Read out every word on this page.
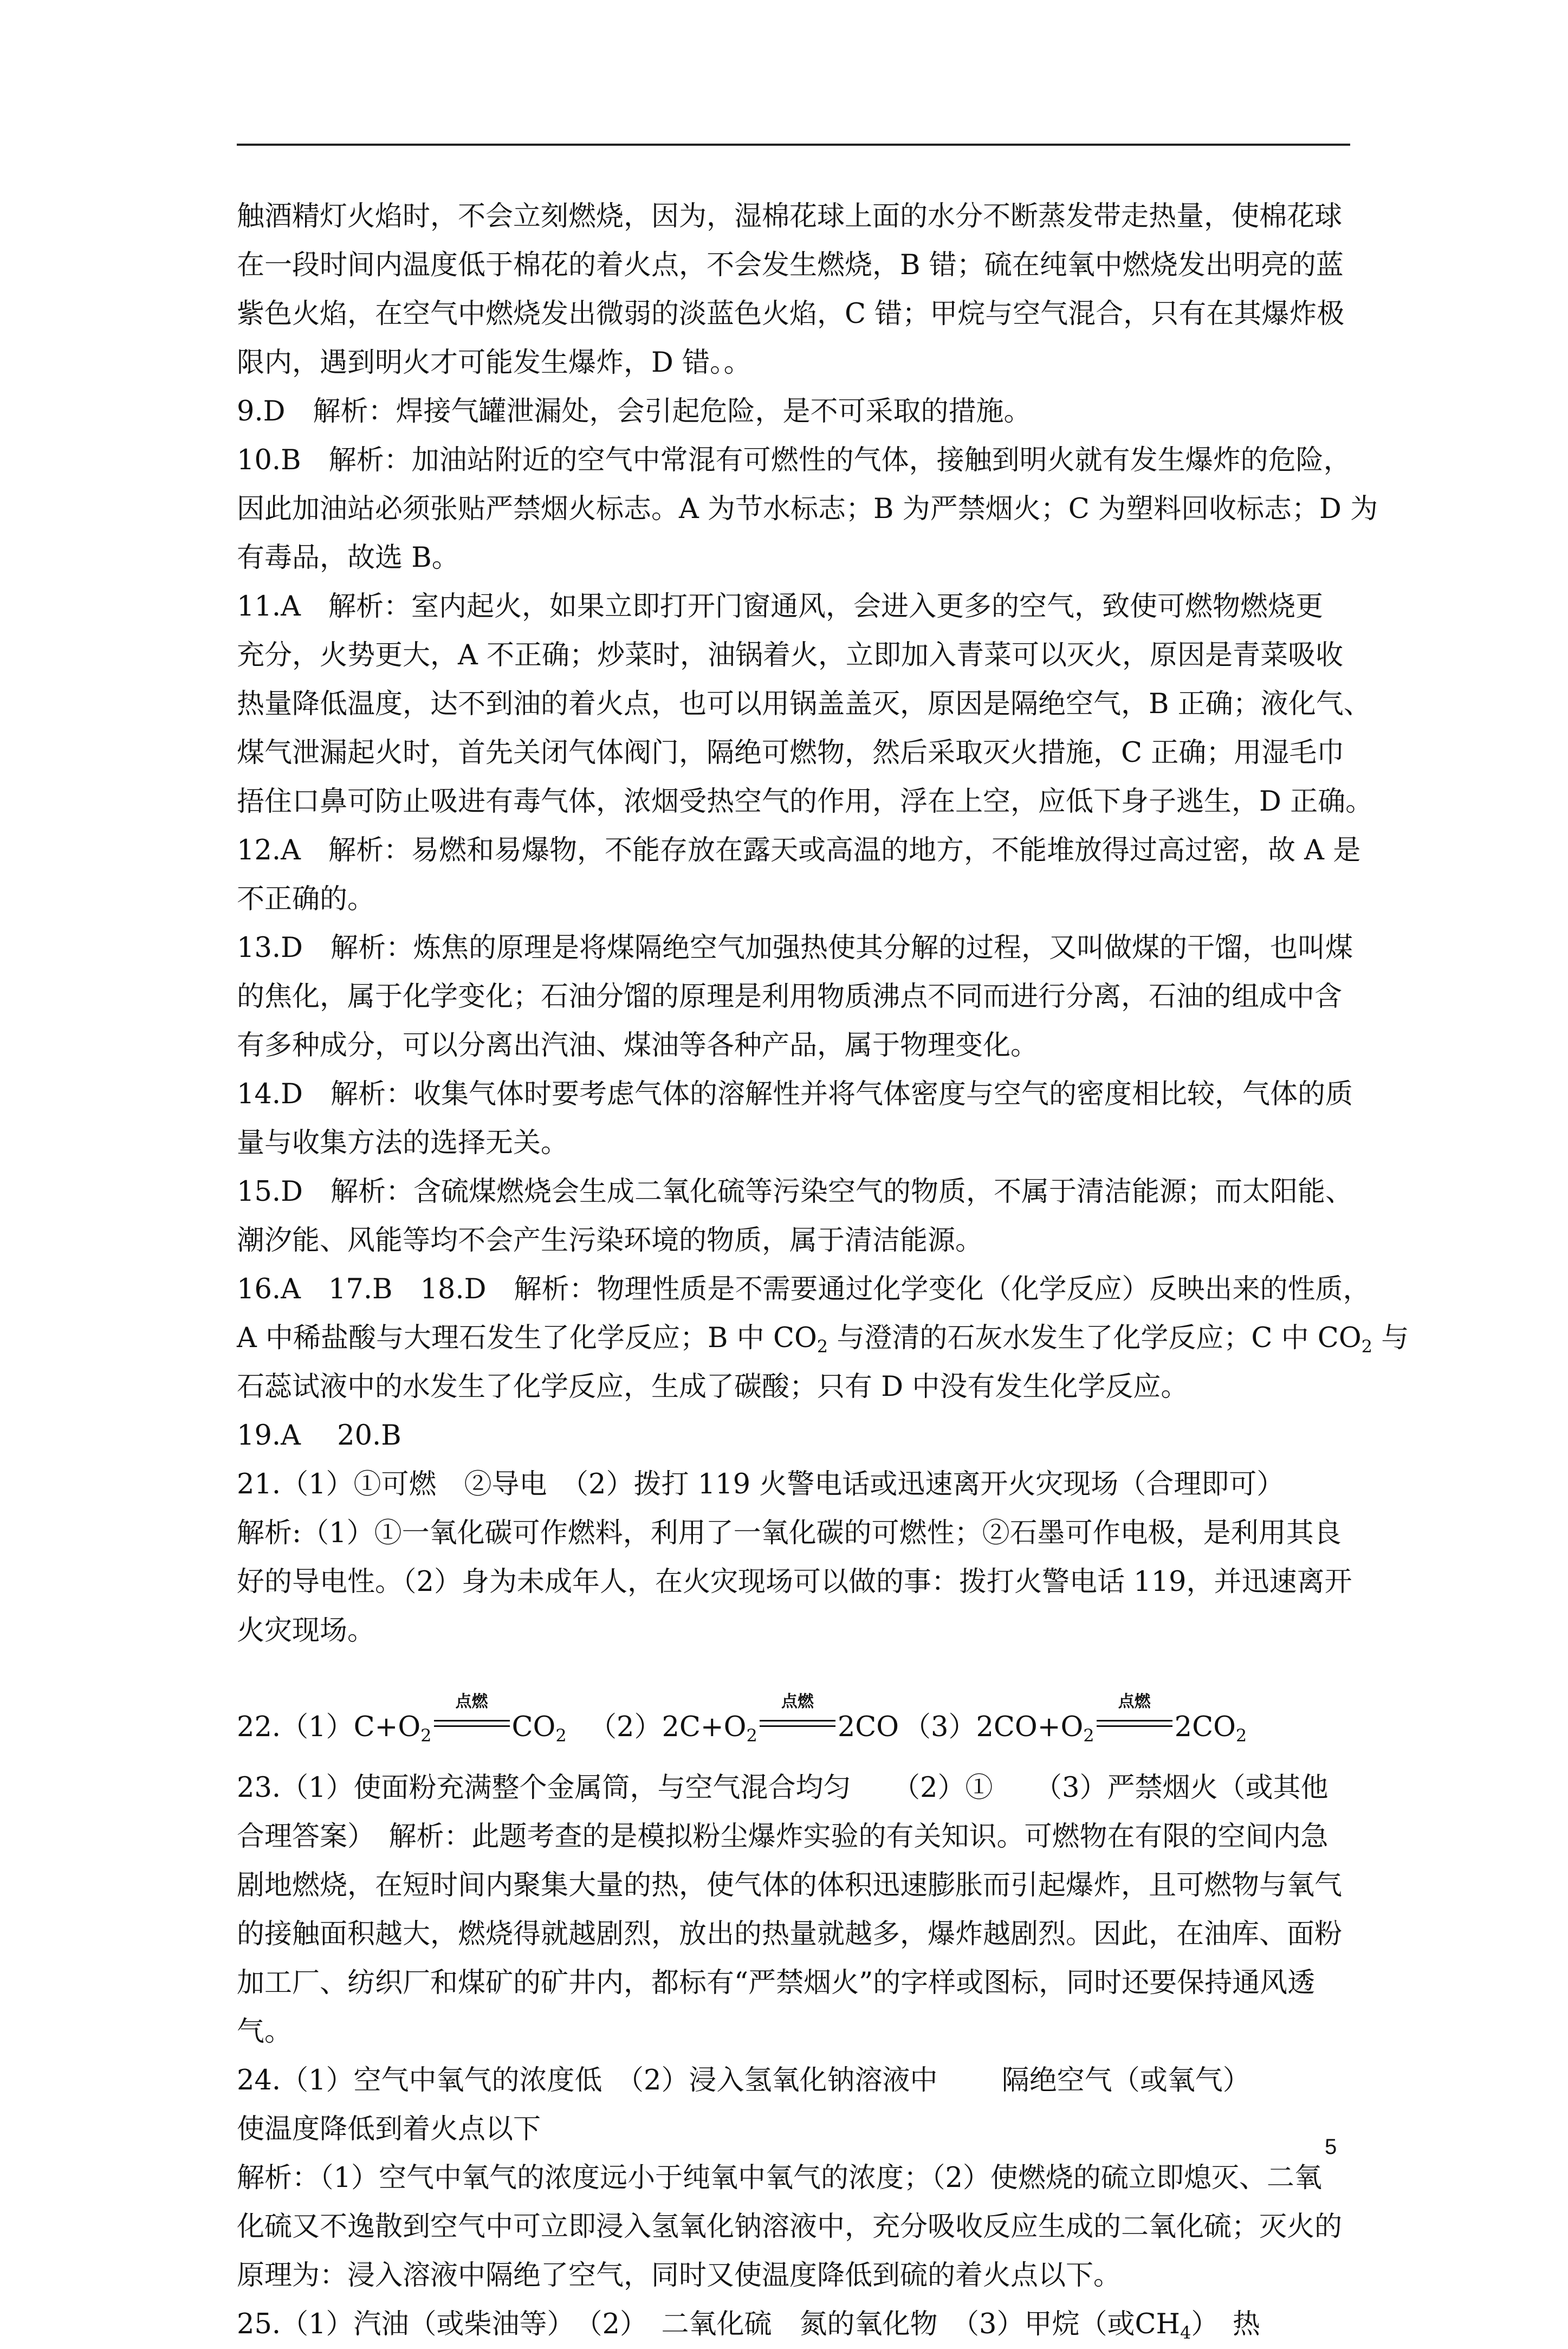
触酒精灯火焰时，不会立刻燃烧，因为，湿棉花球上面的水分不断蒸发带走热量，使棉花球
在一段时间内温度低于棉花的着火点，不会发生燃烧，B 错；硫在纯氧中燃烧发出明亮的蓝
紫色火焰，在空气中燃烧发出微弱的淡蓝色火焰，C 错；甲烷与空气混合，只有在其爆炸极
限内，遇到明火才可能发生爆炸，D 错。。
9.D　解析：焊接气罐泄漏处，会引起危险，是不可采取的措施。
10.B　解析：加油站附近的空气中常混有可燃性的气体，接触到明火就有发生爆炸的危险，
因此加油站必须张贴严禁烟火标志。A 为节水标志；B 为严禁烟火；C 为塑料回收标志；D 为
有毒品，故选 B。
11.A　解析：室内起火，如果立即打开门窗通风，会进入更多的空气，致使可燃物燃烧更
充分，火势更大，A 不正确；炒菜时，油锅着火，立即加入青菜可以灭火，原因是青菜吸收
热量降低温度，达不到油的着火点，也可以用锅盖盖灭，原因是隔绝空气，B 正确；液化气、
煤气泄漏起火时，首先关闭气体阀门，隔绝可燃物，然后采取灭火措施，C 正确；用湿毛巾
捂住口鼻可防止吸进有毒气体，浓烟受热空气的作用，浮在上空，应低下身子逃生，D 正确。
12.A　解析：易燃和易爆物，不能存放在露天或高温的地方，不能堆放得过高过密，故 A 是
不正确的。
13.D　解析：炼焦的原理是将煤隔绝空气加强热使其分解的过程，又叫做煤的干馏，也叫煤
的焦化，属于化学变化；石油分馏的原理是利用物质沸点不同而进行分离，石油的组成中含
有多种成分，可以分离出汽油、煤油等各种产品，属于物理变化。
14.D　解析：收集气体时要考虑气体的溶解性并将气体密度与空气的密度相比较，气体的质
量与收集方法的选择无关。
15.D　解析：含硫煤燃烧会生成二氧化硫等污染空气的物质，不属于清洁能源；而太阳能、
潮汐能、风能等均不会产生污染环境的物质，属于清洁能源。
16.A　17.B　18.D　解析：物理性质是不需要通过化学变化（化学反应）反映出来的性质，
A 中稀盐酸与大理石发生了化学反应；B 中 $CO_2$ 与澄清的石灰水发生了化学反应；C 中 $CO_2$ 与
石蕊试液中的水发生了化学反应，生成了碳酸；只有 D 中没有发生化学反应。
19.A　 20.B
21.（1）①可燃　②导电　（2）拨打 119 火警电话或迅速离开火灾现场（合理即可）
解析:（1）①一氧化碳可作燃料，利用了一氧化碳的可燃性；②石墨可作电极，是利用其良
好的导电性。（2）身为未成年人，在火灾现场可以做的事：拨打火警电话 119，并迅速离开
火灾现场。
$22.(1)C+O_2$
点燃
$CO_2$ $(2)2C+O_2$
点燃
2CO $(3)2CO+O_2$
点燃
$2CO_2$
23.（1）使面粉充满整个金属筒，与空气混合均匀　　（2）①　　（3）严禁烟火（或其他
合理答案）　解析：此题考查的是模拟粉尘爆炸实验的有关知识。可燃物在有限的空间内急
剧地燃烧，在短时间内聚集大量的热，使气体的体积迅速膨胀而引起爆炸，且可燃物与氧气
的接触面积越大，燃烧得就越剧烈，放出的热量就越多，爆炸越剧烈。因此，在油库、面粉
加工厂、纺织厂和煤矿的矿井内，都标有“严禁烟火”的字样或图标，同时还要保持通风透
气。
24.（1）空气中氧气的浓度低　（2）浸入氢氧化钠溶液中　　 隔绝空气（或氧气）
使温度降低到着火点以下
解析：（1）空气中氧气的浓度远小于纯氧中氧气的浓度；（2）使燃烧的硫立即熄灭、二氧
化硫又不逸散到空气中可立即浸入氢氧化钠溶液中，充分吸收反应生成的二氧化硫；灭火的
原理为：浸入溶液中隔绝了空气，同时又使温度降低到硫的着火点以下。
25.（1）汽油（或柴油等）　（2）　二氧化硫　氮的氧化物　（3）甲烷（或$CH_4$）　热
5
